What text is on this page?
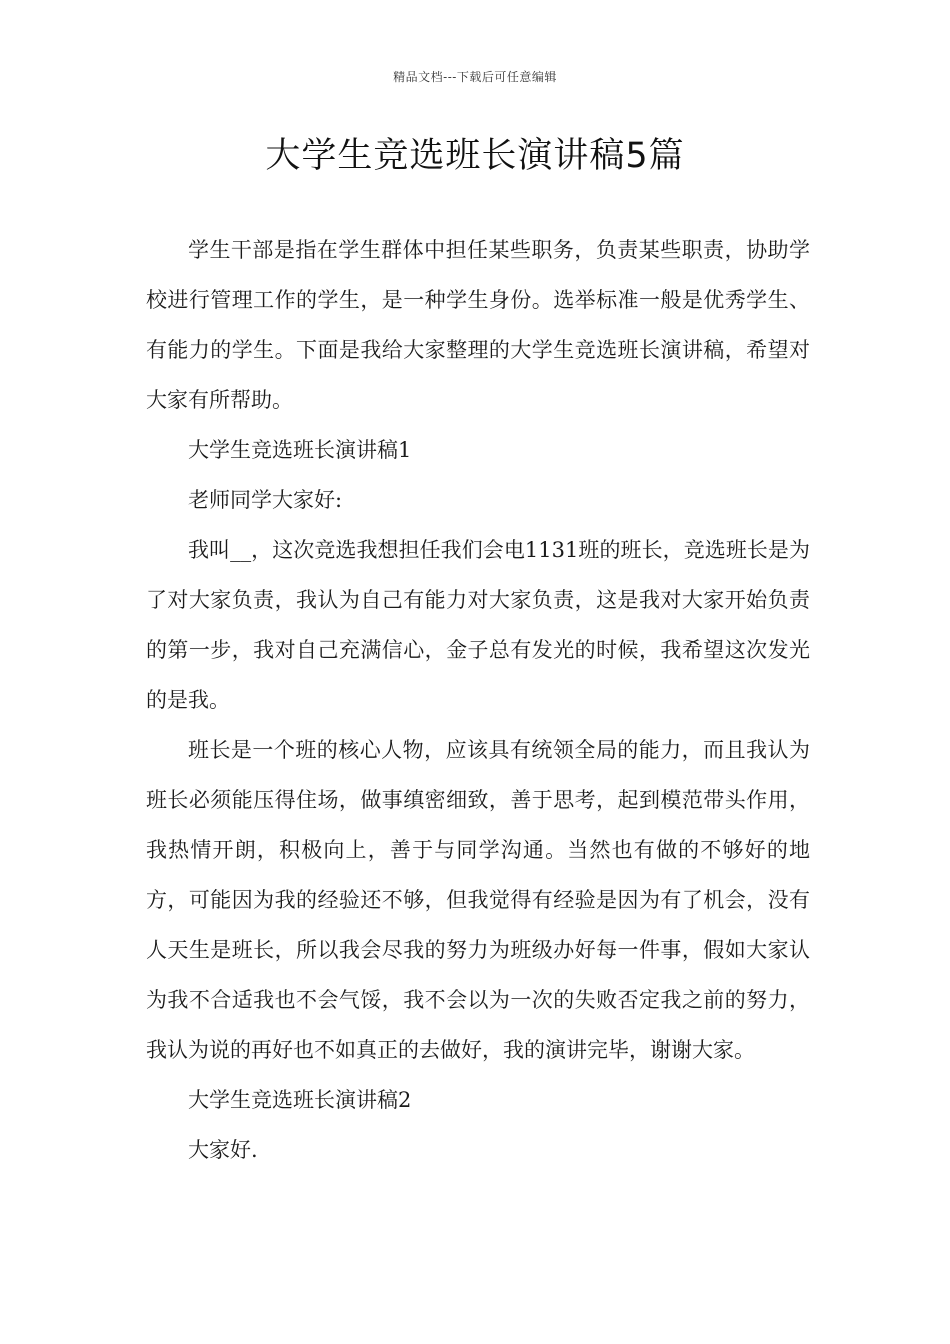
精品文档---下载后可任意编辑
大学生竞选班长演讲稿5篇

学生干部是指在学生群体中担任某些职务，负责某些职责，协助学校进行管理工作的学生，是一种学生身份。选举标准一般是优秀学生、有能力的学生。下面是我给大家整理的大学生竞选班长演讲稿，希望对大家有所帮助。

大学生竞选班长演讲稿1

老师同学大家好:

我叫__，这次竞选我想担任我们会电1131班的班长，竞选班长是为了对大家负责，我认为自己有能力对大家负责，这是我对大家开始负责的第一步，我对自己充满信心，金子总有发光的时候，我希望这次发光的是我。

班长是一个班的核心人物，应该具有统领全局的能力，而且我认为班长必须能压得住场，做事缜密细致，善于思考，起到模范带头作用，我热情开朗，积极向上，善于与同学沟通。当然也有做的不够好的地方，可能因为我的经验还不够，但我觉得有经验是因为有了机会，没有人天生是班长，所以我会尽我的努力为班级办好每一件事，假如大家认为我不合适我也不会气馁，我不会以为一次的失败否定我之前的努力，我认为说的再好也不如真正的去做好，我的演讲完毕，谢谢大家。

大学生竞选班长演讲稿2

大家好.
